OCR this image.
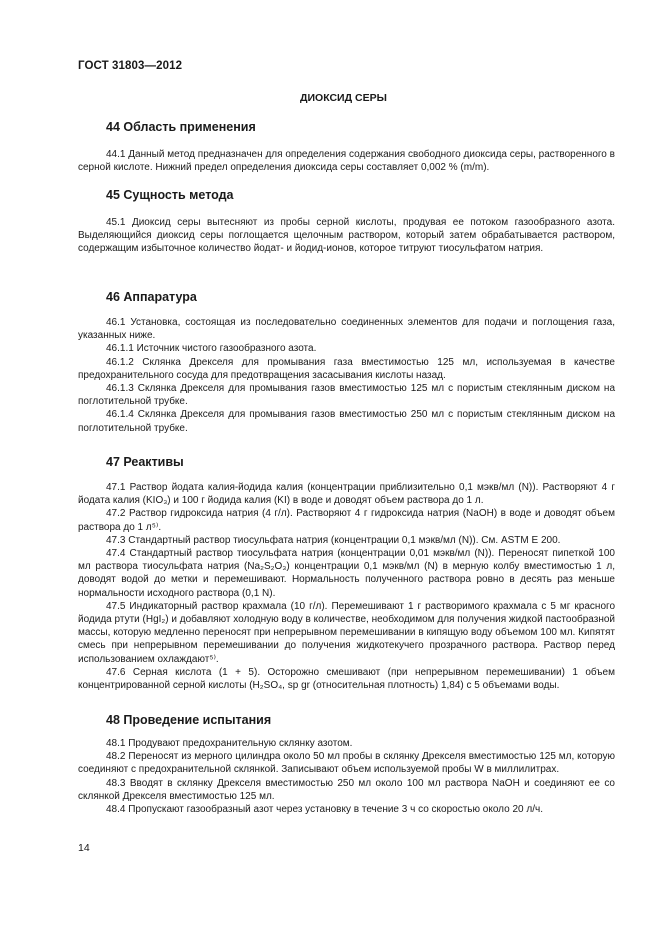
ГОСТ 31803—2012
ДИОКСИД СЕРЫ
44 Область применения

44.1 Данный метод предназначен для определения содержания свободного диоксида серы, растворенного в серной кислоте. Нижний предел определения диоксида серы составляет 0,002 % (m/m).

45 Сущность метода

45.1 Диоксид серы вытесняют из пробы серной кислоты, продувая ее потоком газообразного азота. Выделяющийся диоксид серы поглощается щелочным раствором, который затем обрабатывается раствором, содержащим избыточное количество йодат- и йодид-ионов, которое титруют тиосульфатом натрия.

46 Аппаратура

46.1 Установка, состоящая из последовательно соединенных элементов для подачи и поглощения газа, указанных ниже.

46.1.1 Источник чистого газообразного азота.

46.1.2 Склянка Дрекселя для промывания газа вместимостью 125 мл, используемая в качестве предохранительного сосуда для предотвращения засасывания кислоты назад.

46.1.3 Склянка Дрекселя для промывания газов вместимостью 125 мл с пористым стеклянным диском на поглотительной трубке.

46.1.4 Склянка Дрекселя для промывания газов вместимостью 250 мл с пористым стеклянным диском на поглотительной трубке.

47 Реактивы

47.1 Раствор йодата калия-йодида калия (концентрации приблизительно 0,1 мэкв/мл (N)). Растворяют 4 г йодата калия (KIO₃) и 100 г йодида калия (KI) в воде и доводят объем раствора до 1 л.

47.2 Раствор гидроксида натрия (4 г/л). Растворяют 4 г гидроксида натрия (NaOH) в воде и доводят объем раствора до 1 л⁵⁾.

47.3 Стандартный раствор тиосульфата натрия (концентрации 0,1 мэкв/мл (N)). См. ASTM E 200.

47.4 Стандартный раствор тиосульфата натрия (концентрации 0,01 мэкв/мл (N)). Переносят пипеткой 100 мл раствора тиосульфата натрия (Na₂S₂O₃) концентрации 0,1 мэкв/мл (N) в мерную колбу вместимостью 1 л, доводят водой до метки и перемешивают. Нормальность полученного раствора ровно в десять раз меньше нормальности исходного раствора (0,1 N).

47.5 Индикаторный раствор крахмала (10 г/л). Перемешивают 1 г растворимого крахмала с 5 мг красного йодида ртути (HgI₂) и добавляют холодную воду в количестве, необходимом для получения жидкой пастообразной массы, которую медленно переносят при непрерывном перемешивании в кипящую воду объемом 100 мл. Кипятят смесь при непрерывном перемешивании до получения жидкотекучего прозрачного раствора. Раствор перед использованием охлаждают⁵⁾.

47.6 Серная кислота (1 + 5). Осторожно смешивают (при непрерывном перемешивании) 1 объем концентрированной серной кислоты (H₂SO₄, sp gr (относительная плотность) 1,84) с 5 объемами воды.

48 Проведение испытания

48.1 Продувают предохранительную склянку азотом.

48.2 Переносят из мерного цилиндра около 50 мл пробы в склянку Дрекселя вместимостью 125 мл, которую соединяют с предохранительной склянкой. Записывают объем используемой пробы W в миллилитрах.

48.3 Вводят в склянку Дрекселя вместимостью 250 мл около 100 мл раствора NaOH и соединяют ее со склянкой Дрекселя вместимостью 125 мл.

48.4 Пропускают газообразный азот через установку в течение 3 ч со скоростью около 20 л/ч.

14
